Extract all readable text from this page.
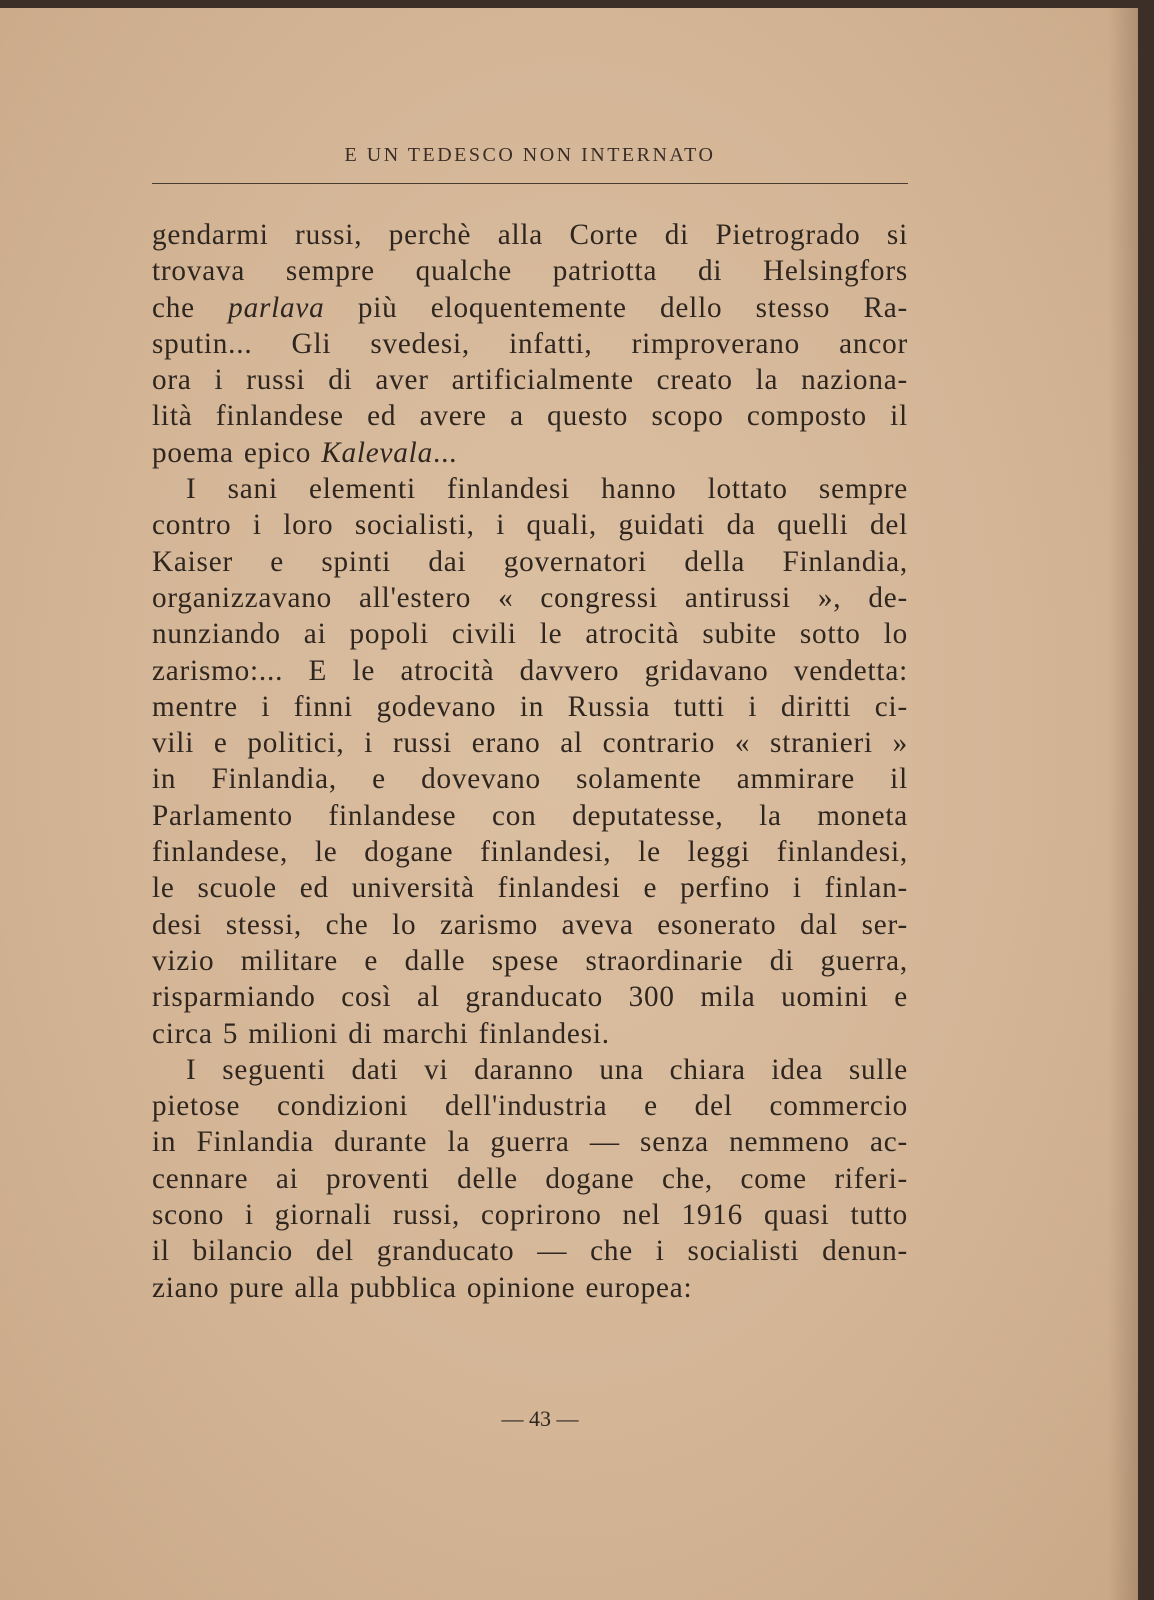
E UN TEDESCO NON INTERNATO
gendarmi russi, perchè alla Corte di Pietrogrado si
trovava sempre qualche patriotta di Helsingfors
che parlava più eloquentemente dello stesso Ra-
sputin... Gli svedesi, infatti, rimproverano ancor
ora i russi di aver artificialmente creato la naziona-
lità finlandese ed avere a questo scopo composto il
poema epico Kalevala...
I sani elementi finlandesi hanno lottato sempre
contro i loro socialisti, i quali, guidati da quelli del
Kaiser e spinti dai governatori della Finlandia,
organizzavano all'estero « congressi antirussi », de-
nunziando ai popoli civili le atrocità subite sotto lo
zarismo:... E le atrocità davvero gridavano vendetta:
mentre i finni godevano in Russia tutti i diritti ci-
vili e politici, i russi erano al contrario « stranieri »
in Finlandia, e dovevano solamente ammirare il
Parlamento finlandese con deputatesse, la moneta
finlandese, le dogane finlandesi, le leggi finlandesi,
le scuole ed università finlandesi e perfino i finlan-
desi stessi, che lo zarismo aveva esonerato dal ser-
vizio militare e dalle spese straordinarie di guerra,
risparmiando così al granducato 300 mila uomini e
circa 5 milioni di marchi finlandesi.
I seguenti dati vi daranno una chiara idea sulle
pietose condizioni dell'industria e del commercio
in Finlandia durante la guerra — senza nemmeno ac-
cennare ai proventi delle dogane che, come riferi-
scono i giornali russi, coprirono nel 1916 quasi tutto
il bilancio del granducato — che i socialisti denun-
ziano pure alla pubblica opinione europea:
— 43 —
